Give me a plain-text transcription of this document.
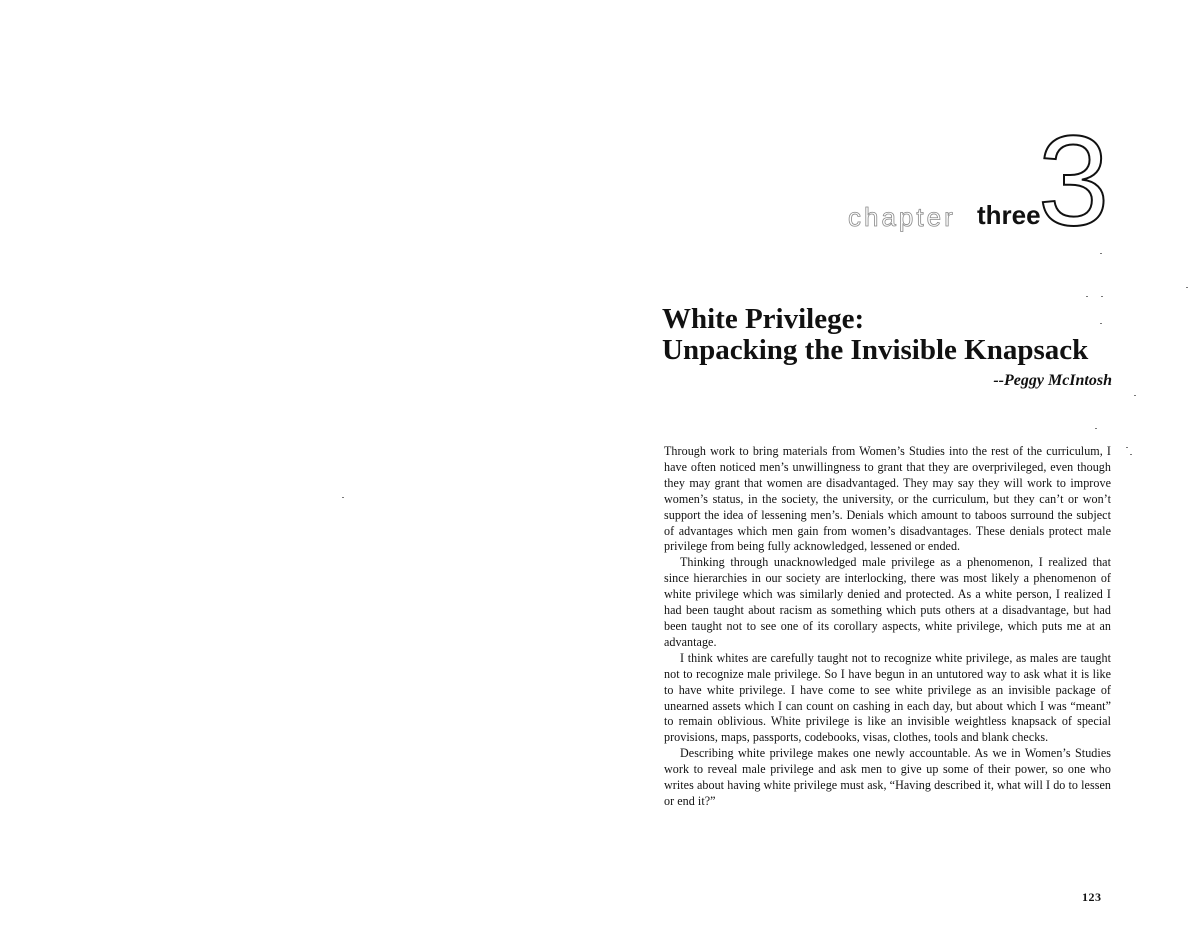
chapter three
3
White Privilege:
Unpacking the Invisible Knapsack
--Peggy McIntosh

Through work to bring materials from Women’s Studies into the rest of the curriculum, I have often noticed men’s unwillingness to grant that they are overprivileged, even though they may grant that women are disadvantaged. They may say they will work to improve women’s status, in the society, the university, or the curriculum, but they can’t or won’t support the idea of lessening men’s. Denials which amount to taboos surround the subject of advantages which men gain from women’s disadvantages. These denials protect male privilege from being fully acknowledged, lessened or ended.

Thinking through unacknowledged male privilege as a phenomenon, I realized that since hierarchies in our society are interlocking, there was most likely a phenomenon of white privilege which was similarly denied and protected. As a white person, I realized I had been taught about racism as something which puts others at a disadvantage, but had been taught not to see one of its corollary aspects, white privilege, which puts me at an advantage.

I think whites are carefully taught not to recognize white privilege, as males are taught not to recognize male privilege. So I have begun in an untutored way to ask what it is like to have white privilege. I have come to see white privilege as an invisible package of unearned assets which I can count on cashing in each day, but about which I was “meant” to remain oblivious. White privilege is like an invisible weightless knapsack of special provisions, maps, passports, codebooks, visas, clothes, tools and blank checks.

Describing white privilege makes one newly accountable. As we in Women’s Studies work to reveal male privilege and ask men to give up some of their power, so one who writes about having white privilege must ask, “Having described it, what will I do to lessen or end it?”

123
